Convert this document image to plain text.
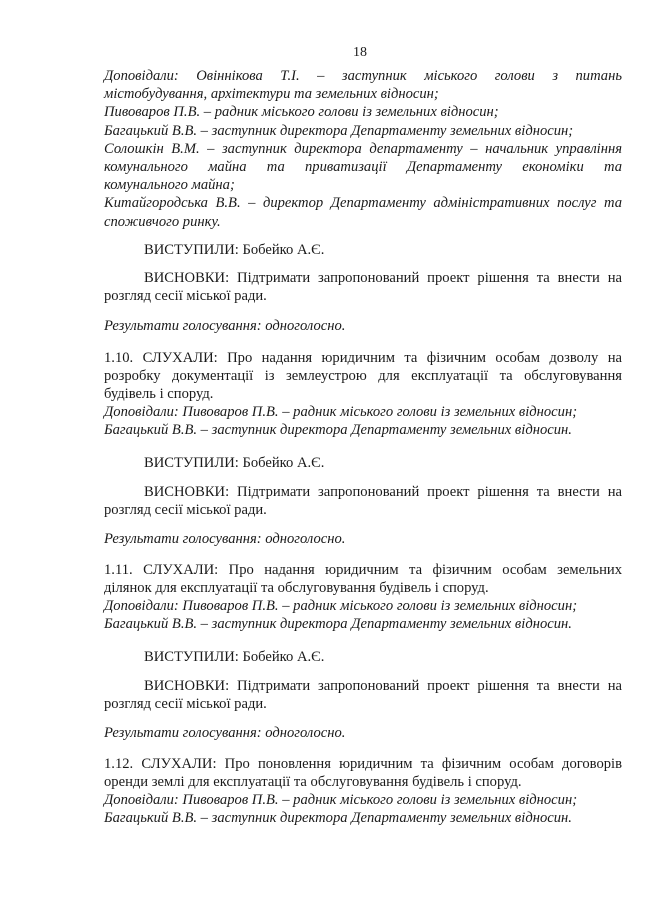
18
Доповідали: Овіннікова Т.І. – заступник міського голови з питань
містобудування, архітектури та земельних відносин;
Пивоваров П.В. – радник міського голови із земельних відносин;
Багацький В.В. – заступник директора Департаменту земельних відносин;
Солошкін В.М. – заступник директора департаменту – начальник управління
комунального майна та приватизації Департаменту економіки та
комунального майна;
Китайгородська В.В. – директор Департаменту адміністративних послуг та
споживчого ринку.
ВИСТУПИЛИ: Бобейко А.Є.
ВИСНОВКИ: Підтримати запропонований проект рішення та внести на
розгляд сесії міської ради.
Результати голосування: одноголосно.
1.10. СЛУХАЛИ: Про надання юридичним та фізичним особам дозволу на
розробку документації із землеустрою для експлуатації та обслуговування
будівель і споруд.
Доповідали: Пивоваров П.В. – радник міського голови із земельних відносин;
Багацький В.В. – заступник директора Департаменту земельних відносин.
ВИСТУПИЛИ: Бобейко А.Є.
ВИСНОВКИ: Підтримати запропонований проект рішення та внести на
розгляд сесії міської ради.
Результати голосування: одноголосно.
1.11. СЛУХАЛИ: Про надання юридичним та фізичним особам земельних
ділянок для експлуатації та обслуговування будівель і споруд.
Доповідали: Пивоваров П.В. – радник міського голови із земельних відносин;
Багацький В.В. – заступник директора Департаменту земельних відносин.
ВИСТУПИЛИ: Бобейко А.Є.
ВИСНОВКИ: Підтримати запропонований проект рішення та внести на
розгляд сесії міської ради.
Результати голосування: одноголосно.
1.12. СЛУХАЛИ: Про поновлення юридичним та фізичним особам договорів
оренди землі для експлуатації та обслуговування будівель і споруд.
Доповідали: Пивоваров П.В. – радник міського голови із земельних відносин;
Багацький В.В. – заступник директора Департаменту земельних відносин.
